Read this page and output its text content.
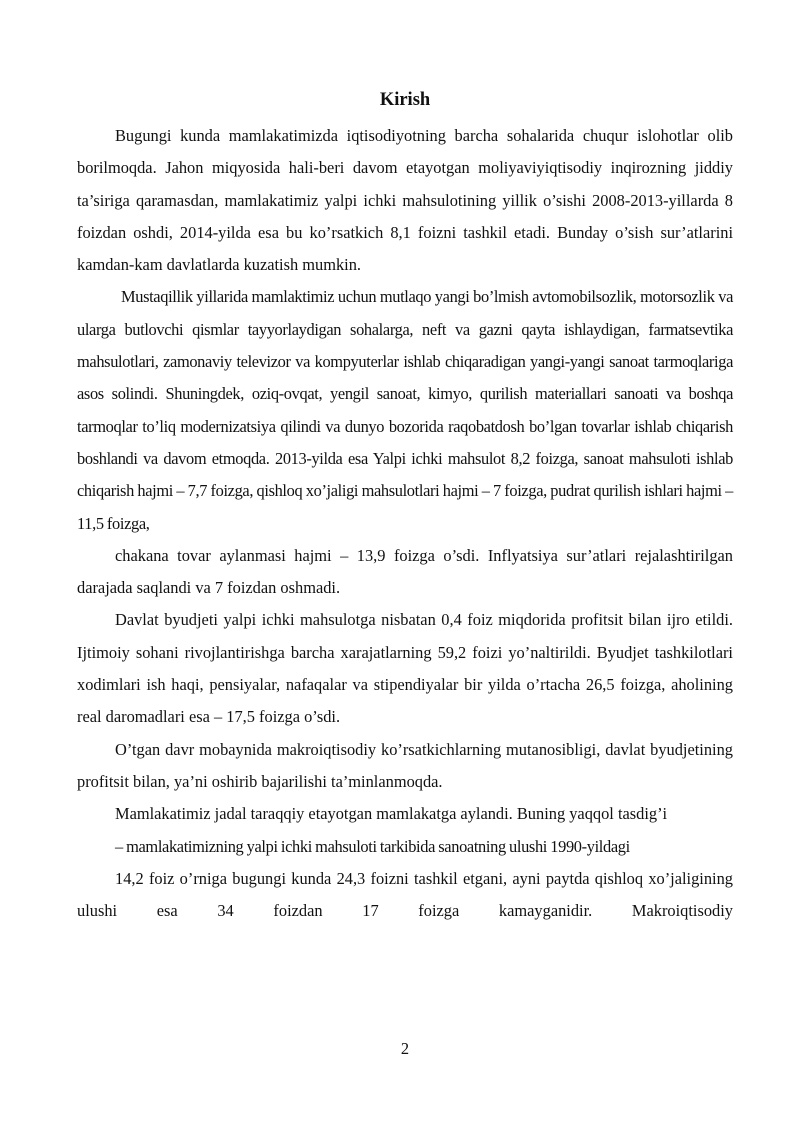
Kirish

Bugungi kunda mamlakatimizda iqtisodiyotning barcha sohalarida chuqur islohotlar olib borilmoqda. Jahon miqyosida hali-beri davom etayotgan moliyaviyiqtisodiy inqirozning jiddiy ta’siriga qaramasdan, mamlakatimiz yalpi ichki mahsulotining yillik o’sishi 2008-2013-yillarda 8 foizdan oshdi, 2014-yilda esa bu ko’rsatkich 8,1 foizni tashkil etadi. Bunday o’sish sur’atlarini kamdan-kam davlatlarda kuzatish mumkin.

Mustaqillik yillarida mamlaktimiz uchun mutlaqo yangi bo’lmish avtomobilsozlik, motorsozlik va ularga butlovchi qismlar tayyorlaydigan sohalarga, neft va gazni qayta ishlaydigan, farmatsevtika mahsulotlari, zamonaviy televizor va kompyuterlar ishlab chiqaradigan yangi-yangi sanoat tarmoqlariga asos solindi. Shuningdek, oziq-ovqat, yengil sanoat, kimyo, qurilish materiallari sanoati va boshqa tarmoqlar to’liq modernizatsiya qilindi va dunyo bozorida raqobatdosh bo’lgan tovarlar ishlab chiqarish boshlandi va davom etmoqda. 2013-yilda esa Yalpi ichki mahsulot 8,2 foizga, sanoat mahsuloti ishlab chiqarish hajmi – 7,7 foizga, qishloq xo’jaligi mahsulotlari hajmi – 7 foizga, pudrat qurilish ishlari hajmi – 11,5 foizga,

chakana tovar aylanmasi hajmi – 13,9 foizga o’sdi. Inflyatsiya sur’atlari rejalashtirilgan darajada saqlandi va 7 foizdan oshmadi.

Davlat byudjeti yalpi ichki mahsulotga nisbatan 0,4 foiz miqdorida profitsit bilan ijro etildi. Ijtimoiy sohani rivojlantirishga barcha xarajatlarning 59,2 foizi yo’naltirildi. Byudjet tashkilotlari xodimlari ish haqi, pensiyalar, nafaqalar va stipendiyalar bir yilda o’rtacha 26,5 foizga, aholining real daromadlari esa – 17,5 foizga o’sdi.

O’tgan davr mobaynida makroiqtisodiy ko’rsatkichlarning mutanosibligi, davlat byudjetining profitsit bilan, ya’ni oshirib bajarilishi ta’minlanmoqda.

Mamlakatimiz jadal taraqqiy etayotgan mamlakatga aylandi. Buning yaqqol tasdig’i

– mamlakatimizning yalpi ichki mahsuloti tarkibida sanoatning ulushi 1990-yildagi

14,2 foiz o’rniga bugungi kunda 24,3 foizni tashkil etgani, ayni paytda qishloq xo’jaligining ulushi esa 34 foizdan 17 foizga kamayganidir. Makroiqtisodiy

2
